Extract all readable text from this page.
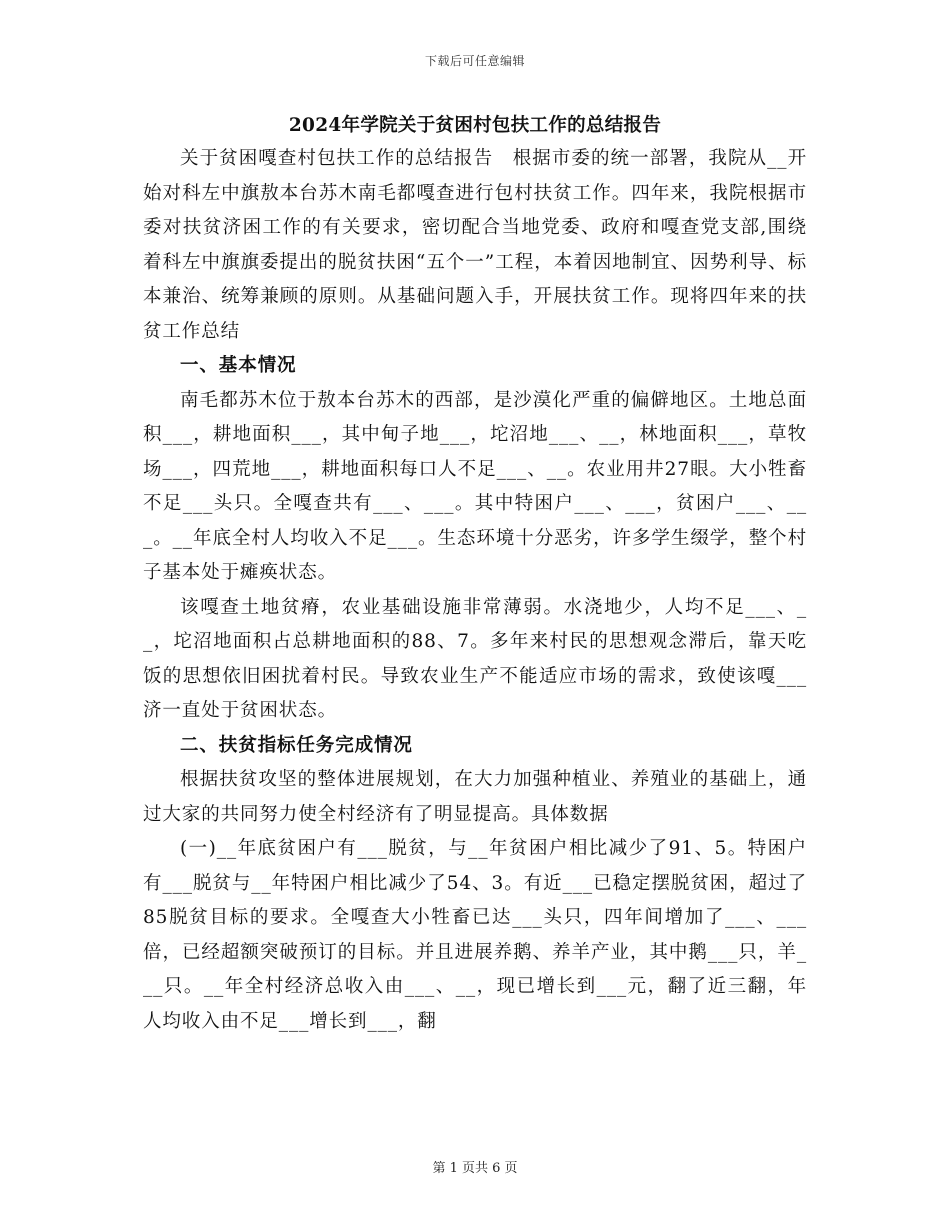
下载后可任意编辑
2024年学院关于贫困村包扶工作的总结报告

关于贫困嘎查村包扶工作的总结报告　根据市委的统一部署，我院从__开始对科左中旗敖本台苏木南毛都嘎查进行包村扶贫工作。四年来，我院根据市委对扶贫济困工作的有关要求，密切配合当地党委、政府和嘎查党支部,围绕着科左中旗旗委提出的脱贫扶困“五个一”工程，本着因地制宜、因势利导、标本兼治、统筹兼顾的原则。从基础问题入手，开展扶贫工作。现将四年来的扶贫工作总结

一、基本情况

南毛都苏木位于敖本台苏木的西部，是沙漠化严重的偏僻地区。土地总面积___，耕地面积___，其中甸子地___，坨沼地___、__，林地面积___，草牧场___，四荒地___，耕地面积每口人不足___、__。农业用井27眼。大小牲畜不足___头只。全嘎查共有___、___。其中特困户___、___，贫困户___、___。__年底全村人均收入不足___。生态环境十分恶劣，许多学生缀学，整个村子基本处于瘫痪状态。

该嘎查土地贫瘠，农业基础设施非常薄弱。水浇地少，人均不足___、__，坨沼地面积占总耕地面积的88、7。多年来村民的思想观念滞后，靠天吃饭的思想依旧困扰着村民。导致农业生产不能适应市场的需求，致使该嘎___济一直处于贫困状态。

二、扶贫指标任务完成情况

根据扶贫攻坚的整体进展规划，在大力加强种植业、养殖业的基础上，通过大家的共同努力使全村经济有了明显提高。具体数据

(一)__年底贫困户有___脱贫，与__年贫困户相比减少了91、5。特困户有___脱贫与__年特困户相比减少了54、3。有近___已稳定摆脱贫困，超过了85脱贫目标的要求。全嘎查大小牲畜已达___头只，四年间增加了___、___倍，已经超额突破预订的目标。并且进展养鹅、养羊产业，其中鹅___只，羊___只。__年全村经济总收入由___、__，现已增长到___元，翻了近三翻，年人均收入由不足___增长到___，翻

第 1 页共 6 页
